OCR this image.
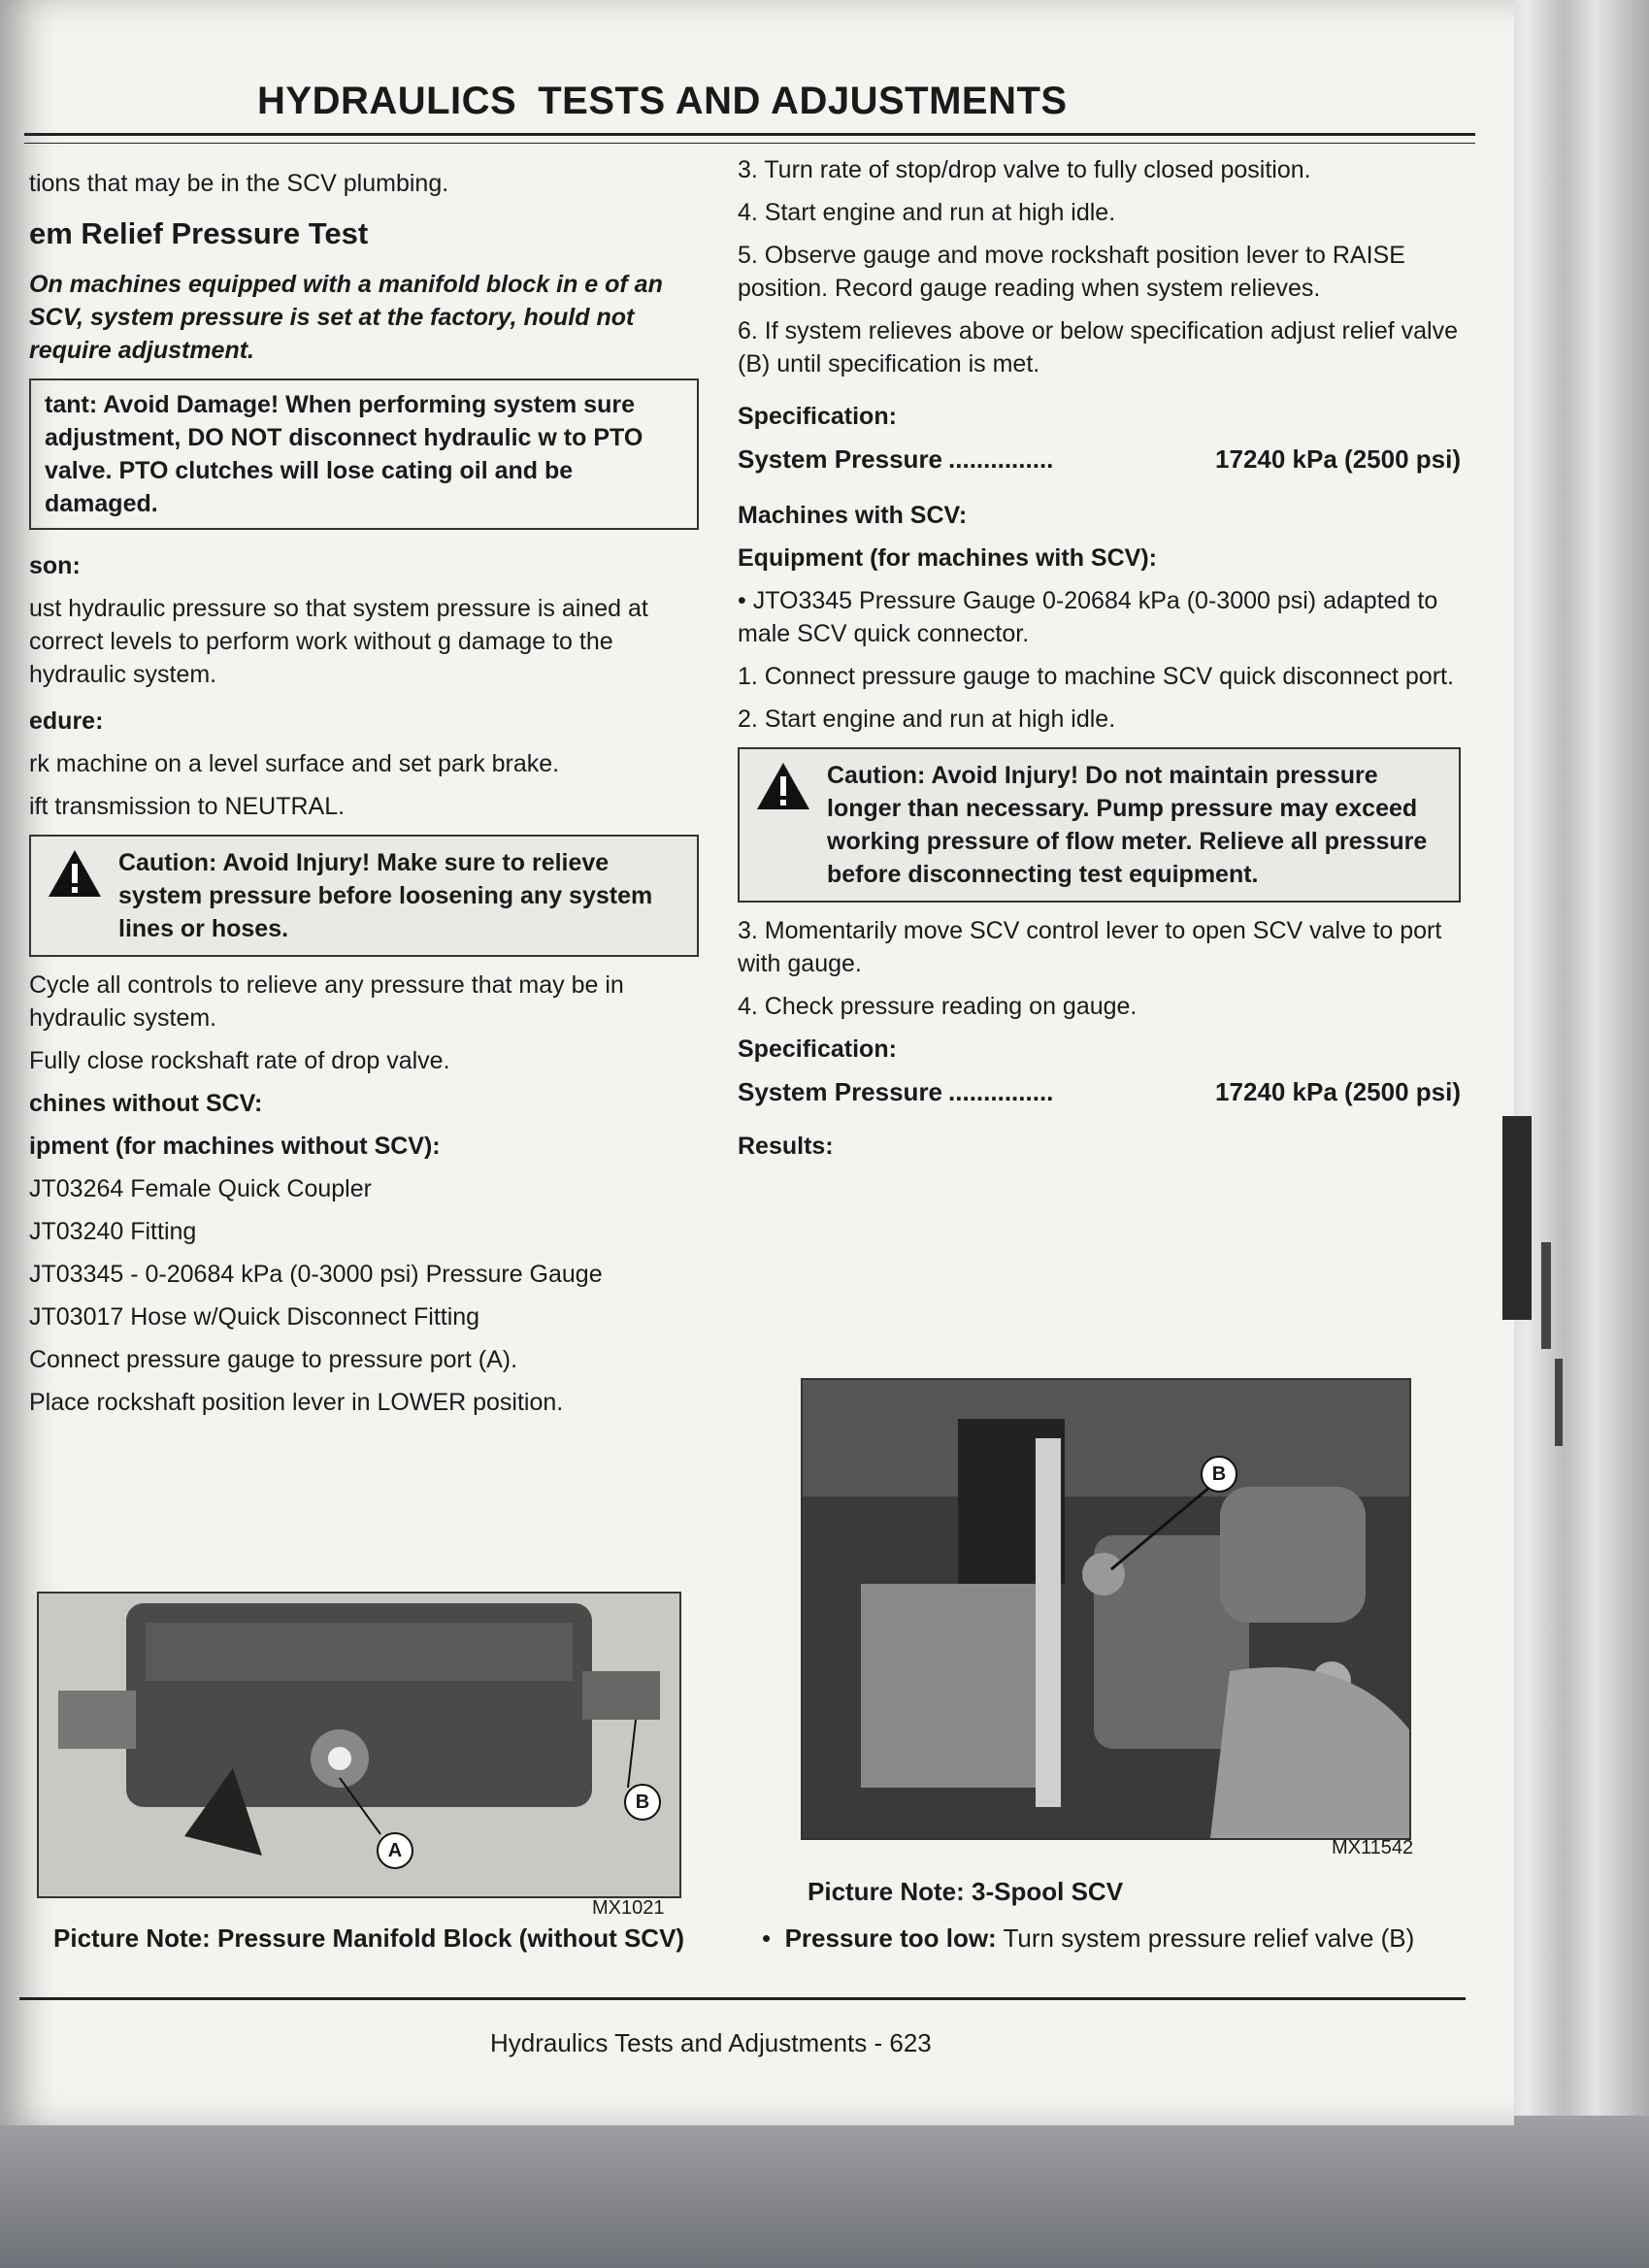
HYDRAULICS TESTS AND ADJUSTMENTS

tions that may be in the SCV plumbing.

em Relief Pressure Test

On machines equipped with a manifold block in e of an SCV, system pressure is set at the factory, hould not require adjustment.

tant: Avoid Damage! When performing system sure adjustment, DO NOT disconnect hydraulic w to PTO valve. PTO clutches will lose cating oil and be damaged.

son:

ust hydraulic pressure so that system pressure is ained at correct levels to perform work without g damage to the hydraulic system.

edure:

rk machine on a level surface and set park brake.

ift transmission to NEUTRAL.

Caution: Avoid Injury! Make sure to relieve system pressure before loosening any system lines or hoses.

Cycle all controls to relieve any pressure that may be in hydraulic system.

Fully close rockshaft rate of drop valve.

chines without SCV:

ipment (for machines without SCV):

JT03264 Female Quick Coupler

JT03240 Fitting

JT03345 - 0-20684 kPa (0-3000 psi) Pressure Gauge

JT03017 Hose w/Quick Disconnect Fitting

Connect pressure gauge to pressure port (A).

Place rockshaft position lever in LOWER position.

A
B
MX1021
Picture Note: Pressure Manifold Block (without SCV)

3. Turn rate of stop/drop valve to fully closed position.

4. Start engine and run at high idle.

5. Observe gauge and move rockshaft position lever to RAISE position. Record gauge reading when system relieves.

6. If system relieves above or below specification adjust relief valve (B) until specification is met.

Specification:

System Pressure ...............	17240 kPa (2500 psi)

Machines with SCV:

Equipment (for machines with SCV):

• JTO3345 Pressure Gauge 0-20684 kPa (0-3000 psi) adapted to male SCV quick connector.

1. Connect pressure gauge to machine SCV quick disconnect port.

2. Start engine and run at high idle.

Caution: Avoid Injury! Do not maintain pressure longer than necessary. Pump pressure may exceed working pressure of flow meter. Relieve all pressure before disconnecting test equipment.

3. Momentarily move SCV control lever to open SCV valve to port with gauge.

4. Check pressure reading on gauge.

Specification:

System Pressure ...............	17240 kPa (2500 psi)

Results:

B
MX11542
Picture Note: 3-Spool SCV
•  Pressure too low: Turn system pressure relief valve (B)
Hydraulics Tests and Adjustments - 623
